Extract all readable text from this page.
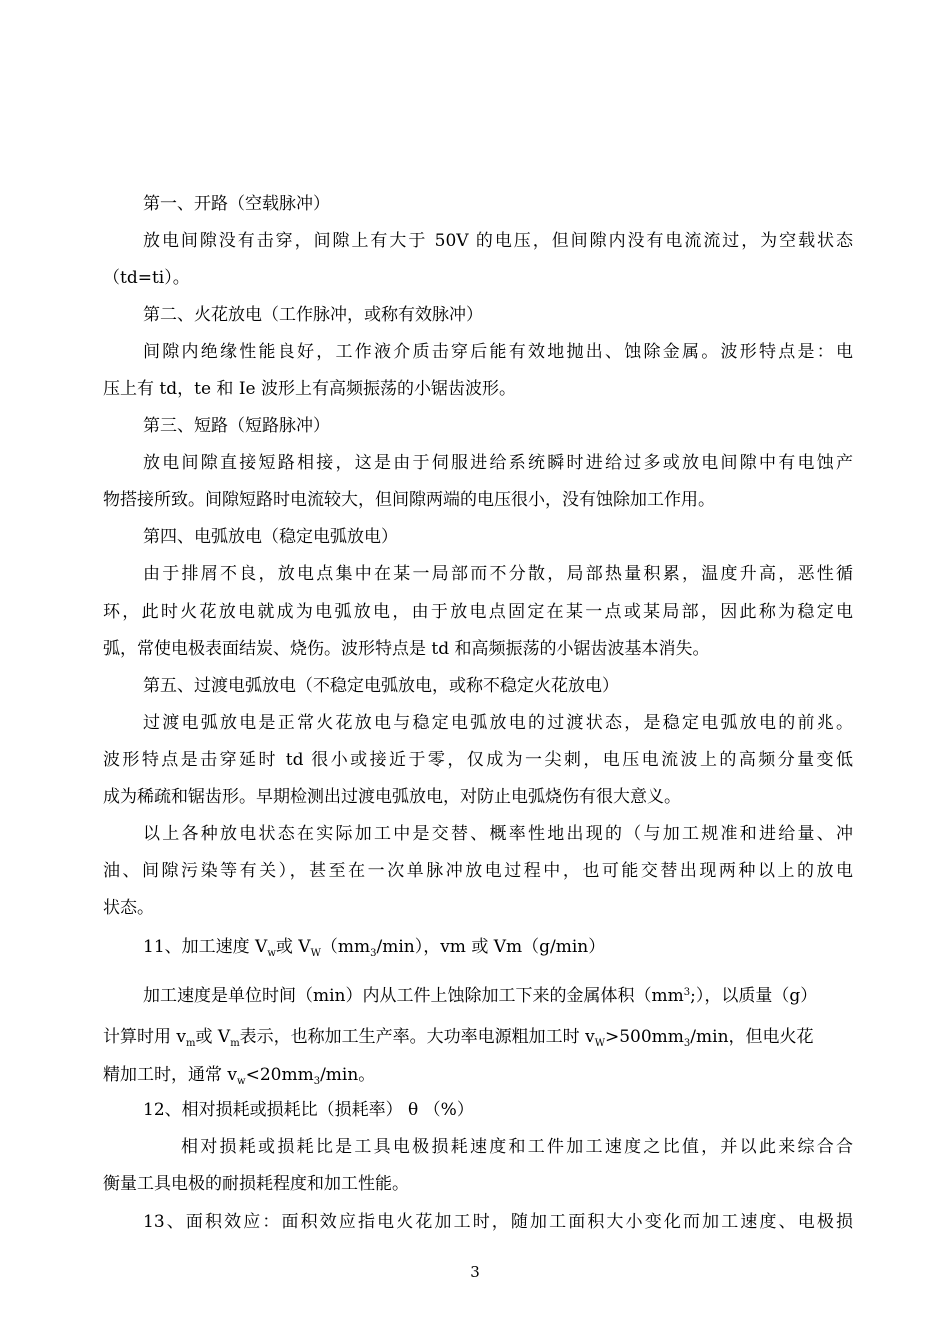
第一、开路（空载脉冲）
放电间隙没有击穿，间隙上有大于 50V 的电压，但间隙内没有电流流过，为空载状态
（td=ti）。
第二、火花放电（工作脉冲，或称有效脉冲）
间隙内绝缘性能良好，工作液介质击穿后能有效地抛出、蚀除金属。波形特点是：电
压上有 td，te 和 Ie 波形上有高频振荡的小锯齿波形。
第三、短路（短路脉冲）
放电间隙直接短路相接，这是由于伺服进给系统瞬时进给过多或放电间隙中有电蚀产
物搭接所致。间隙短路时电流较大，但间隙两端的电压很小，没有蚀除加工作用。
第四、电弧放电（稳定电弧放电）
由于排屑不良，放电点集中在某一局部而不分散，局部热量积累，温度升高，恶性循
环，此时火花放电就成为电弧放电，由于放电点固定在某一点或某局部，因此称为稳定电
弧，常使电极表面结炭、烧伤。波形特点是 td 和高频振荡的小锯齿波基本消失。
第五、过渡电弧放电（不稳定电弧放电，或称不稳定火花放电）
过渡电弧放电是正常火花放电与稳定电弧放电的过渡状态，是稳定电弧放电的前兆。
波形特点是击穿延时 td 很小或接近于零，仅成为一尖刺，电压电流波上的高频分量变低
成为稀疏和锯齿形。早期检测出过渡电弧放电，对防止电弧烧伤有很大意义。
以上各种放电状态在实际加工中是交替、概率性地出现的（与加工规准和进给量、冲
油、间隙污染等有关），甚至在一次单脉冲放电过程中，也可能交替出现两种以上的放电
状态。
11、加工速度 $V_w$或 $V_W(mm_3/\min)$，vm 或 Vm（g/min）
加工速度是单位时间（min）内从工件上蚀除加工下来的金属体积$(mm^3;)$，以质量（g）
计算时用 $v_m$或 $V_m$表示，也称加工生产率。大功率电源粗加工时 $v_W>500mm_3/\min$，但电火花
精加工时，通常 $v_w<20mm_3/\min$。
12、相对损耗或损耗比（损耗率） θ （%）
相对损耗或损耗比是工具电极损耗速度和工件加工速度之比值，并以此来综合合
衡量工具电极的耐损耗程度和加工性能。
13、面积效应：面积效应指电火花加工时，随加工面积大小变化而加工速度、电极损
3
